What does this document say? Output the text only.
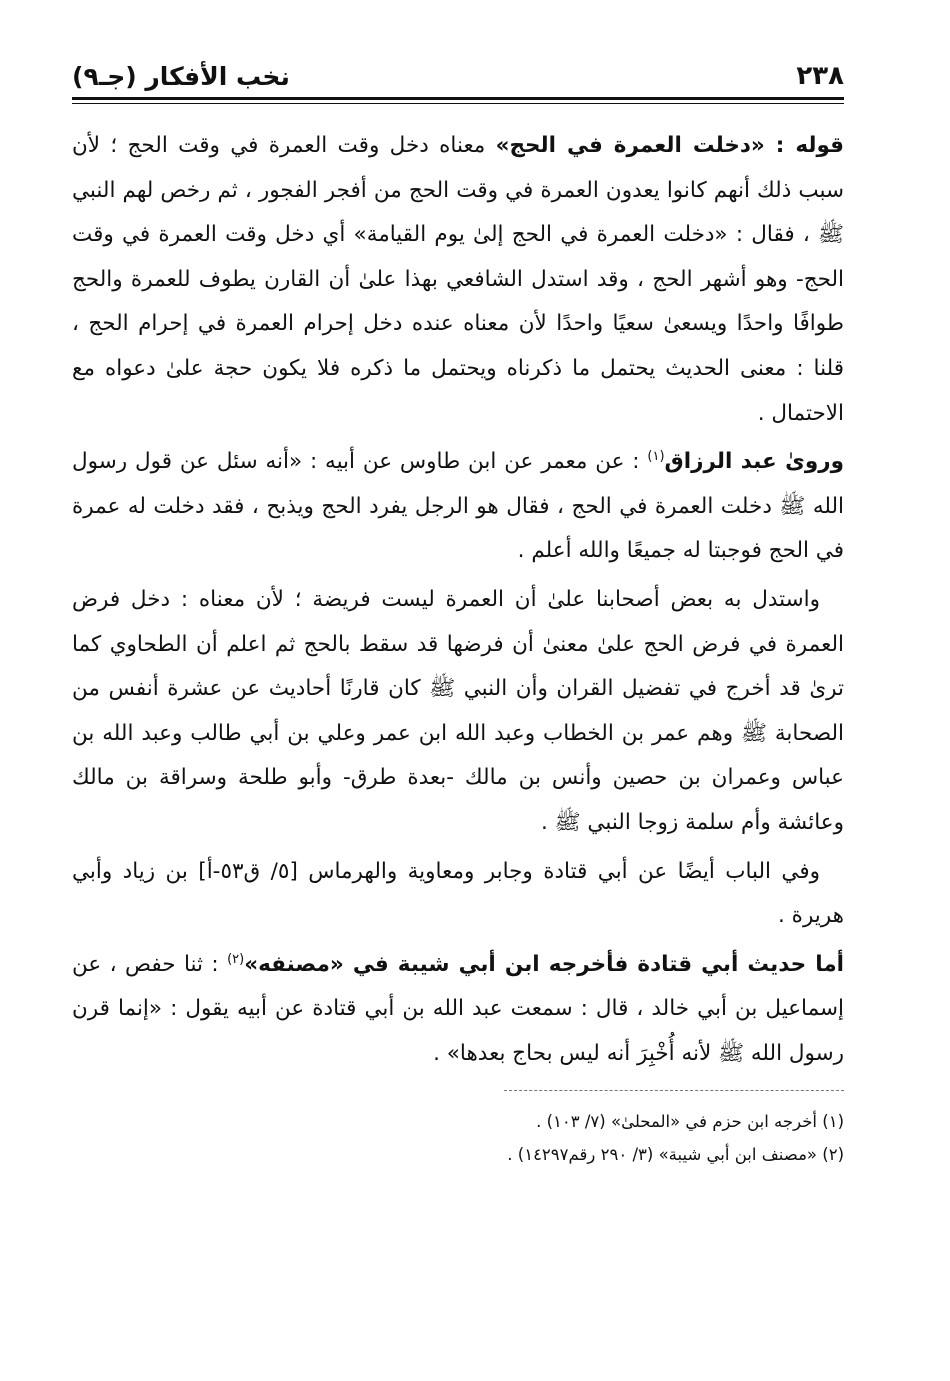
٢٣٨
نخب الأفكار (جـ٩)

قوله : «دخلت العمرة في الحج» معناه دخل وقت العمرة في وقت الحج ؛ لأن سبب ذلك أنهم كانوا يعدون العمرة في وقت الحج من أفجر الفجور ، ثم رخص لهم النبي ﷺ ، فقال : «دخلت العمرة في الحج إلىٰ يوم القيامة» أي دخل وقت العمرة في وقت الحج- وهو أشهر الحج ، وقد استدل الشافعي بهذا علىٰ أن القارن يطوف للعمرة والحج طوافًا واحدًا ويسعىٰ سعيًا واحدًا لأن معناه عنده دخل إحرام العمرة في إحرام الحج ، قلنا : معنى الحديث يحتمل ما ذكرناه ويحتمل ما ذكره فلا يكون حجة علىٰ دعواه مع الاحتمال .

وروىٰ عبد الرزاق$^{(١)}$ : عن معمر عن ابن طاوس عن أبيه : «أنه سئل عن قول رسول الله ﷺ دخلت العمرة في الحج ، فقال هو الرجل يفرد الحج ويذبح ، فقد دخلت له عمرة في الحج فوجبتا له جميعًا والله أعلم .

واستدل به بعض أصحابنا علىٰ أن العمرة ليست فريضة ؛ لأن معناه : دخل فرض العمرة في فرض الحج علىٰ معنىٰ أن فرضها قد سقط بالحج ثم اعلم أن الطحاوي كما ترىٰ قد أخرج في تفضيل القران وأن النبي ﷺ كان قارنًا أحاديث عن عشرة أنفس من الصحابة ﷺ وهم عمر بن الخطاب وعبد الله ابن عمر وعلي بن أبي طالب وعبد الله بن عباس وعمران بن حصين وأنس بن مالك -بعدة طرق- وأبو طلحة وسراقة بن مالك وعائشة وأم سلمة زوجا النبي ﷺ .

وفي الباب أيضًا عن أبي قتادة وجابر ومعاوية والهرماس [٥/ ق٥٣-أ] بن زياد وأبي هريرة .

أما حديث أبي قتادة فأخرجه ابن أبي شيبة في «مصنفه»$^{(٢)}$ : ثنا حفص ، عن إسماعيل بن أبي خالد ، قال : سمعت عبد الله بن أبي قتادة عن أبيه يقول : «إنما قرن رسول الله ﷺ لأنه أُخْبِرَ أنه ليس بحاج بعدها» .

(١) أخرجه ابن حزم في «المحلىٰ» (٧/ ١٠٣) .

(٢) «مصنف ابن أبي شيبة» (٣/ ٢٩٠ رقم١٤٢٩٧) .
